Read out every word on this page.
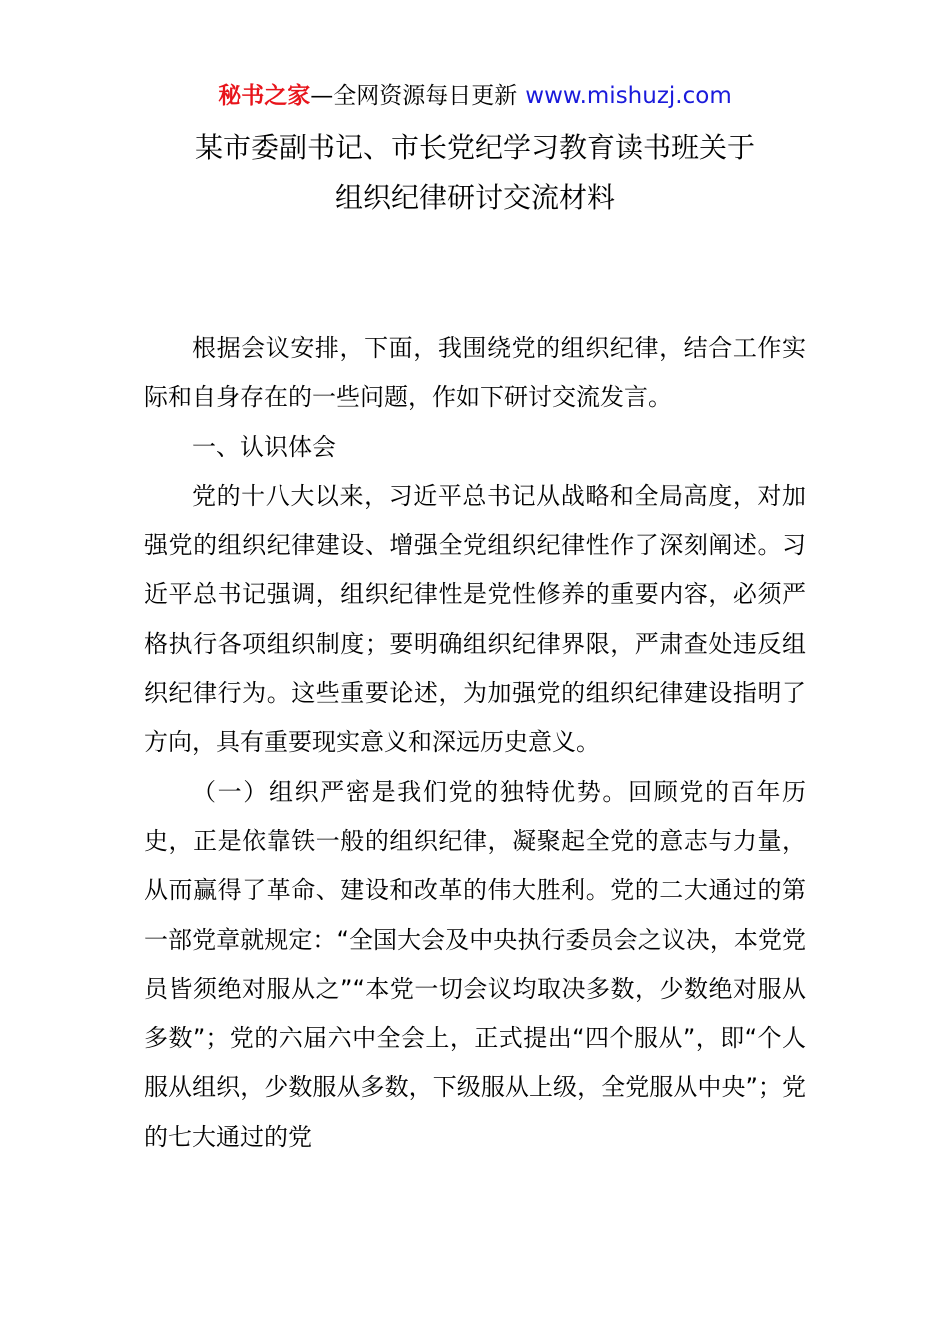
秘书之家—全网资源每日更新 www.mishuzj.com
某市委副书记、市长党纪学习教育读书班关于
组织纪律研讨交流材料

根据会议安排，下面，我围绕党的组织纪律，结合工作实际和自身存在的一些问题，作如下研讨交流发言。

一、认识体会

党的十八大以来，习近平总书记从战略和全局高度，对加强党的组织纪律建设、增强全党组织纪律性作了深刻阐述。习近平总书记强调，组织纪律性是党性修养的重要内容，必须严格执行各项组织制度；要明确组织纪律界限，严肃查处违反组织纪律行为。这些重要论述，为加强党的组织纪律建设指明了方向，具有重要现实意义和深远历史意义。

（一）组织严密是我们党的独特优势。回顾党的百年历史，正是依靠铁一般的组织纪律，凝聚起全党的意志与力量，从而赢得了革命、建设和改革的伟大胜利。党的二大通过的第一部党章就规定：“全国大会及中央执行委员会之议决，本党党员皆须绝对服从之”“本党一切会议均取决多数，少数绝对服从多数”；党的六届六中全会上，正式提出“四个服从”，即“个人服从组织，少数服从多数，下级服从上级，全党服从中央”；党的七大通过的党
